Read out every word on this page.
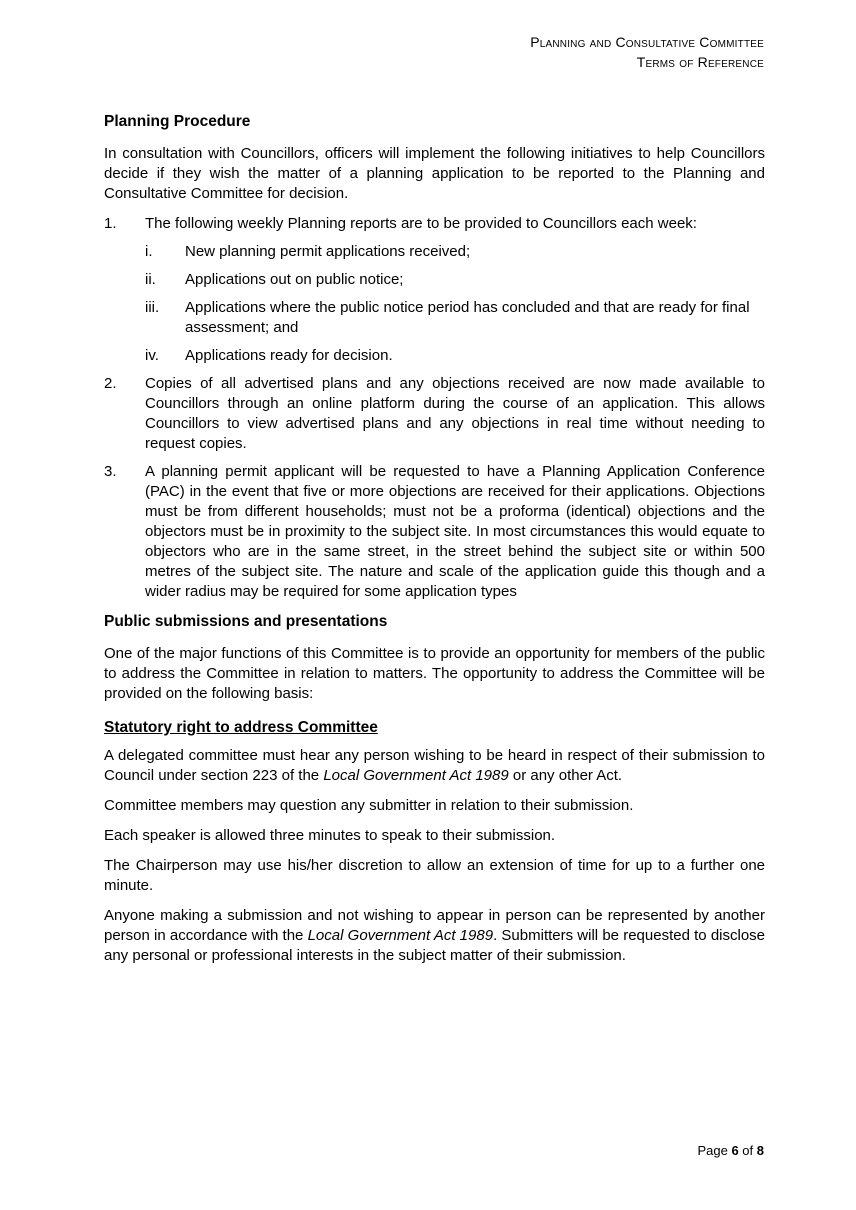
Planning and Consultative Committee
Terms of Reference
Planning Procedure

In consultation with Councillors, officers will implement the following initiatives to help Councillors decide if they wish the matter of a planning application to be reported to the Planning and Consultative Committee for decision.

1. The following weekly Planning reports are to be provided to Councillors each week:
i. New planning permit applications received;
ii. Applications out on public notice;
iii. Applications where the public notice period has concluded and that are ready for final assessment; and
iv. Applications ready for decision.
2. Copies of all advertised plans and any objections received are now made available to Councillors through an online platform during the course of an application. This allows Councillors to view advertised plans and any objections in real time without needing to request copies.
3. A planning permit applicant will be requested to have a Planning Application Conference (PAC) in the event that five or more objections are received for their applications. Objections must be from different households; must not be a proforma (identical) objections and the objectors must be in proximity to the subject site. In most circumstances this would equate to objectors who are in the same street, in the street behind the subject site or within 500 metres of the subject site. The nature and scale of the application guide this though and a wider radius may be required for some application types
Public submissions and presentations

One of the major functions of this Committee is to provide an opportunity for members of the public to address the Committee in relation to matters. The opportunity to address the Committee will be provided on the following basis:

Statutory right to address Committee

A delegated committee must hear any person wishing to be heard in respect of their submission to Council under section 223 of the Local Government Act 1989 or any other Act.

Committee members may question any submitter in relation to their submission.

Each speaker is allowed three minutes to speak to their submission.

The Chairperson may use his/her discretion to allow an extension of time for up to a further one minute.

Anyone making a submission and not wishing to appear in person can be represented by another person in accordance with the Local Government Act 1989. Submitters will be requested to disclose any personal or professional interests in the subject matter of their submission.

Page 6 of 8
